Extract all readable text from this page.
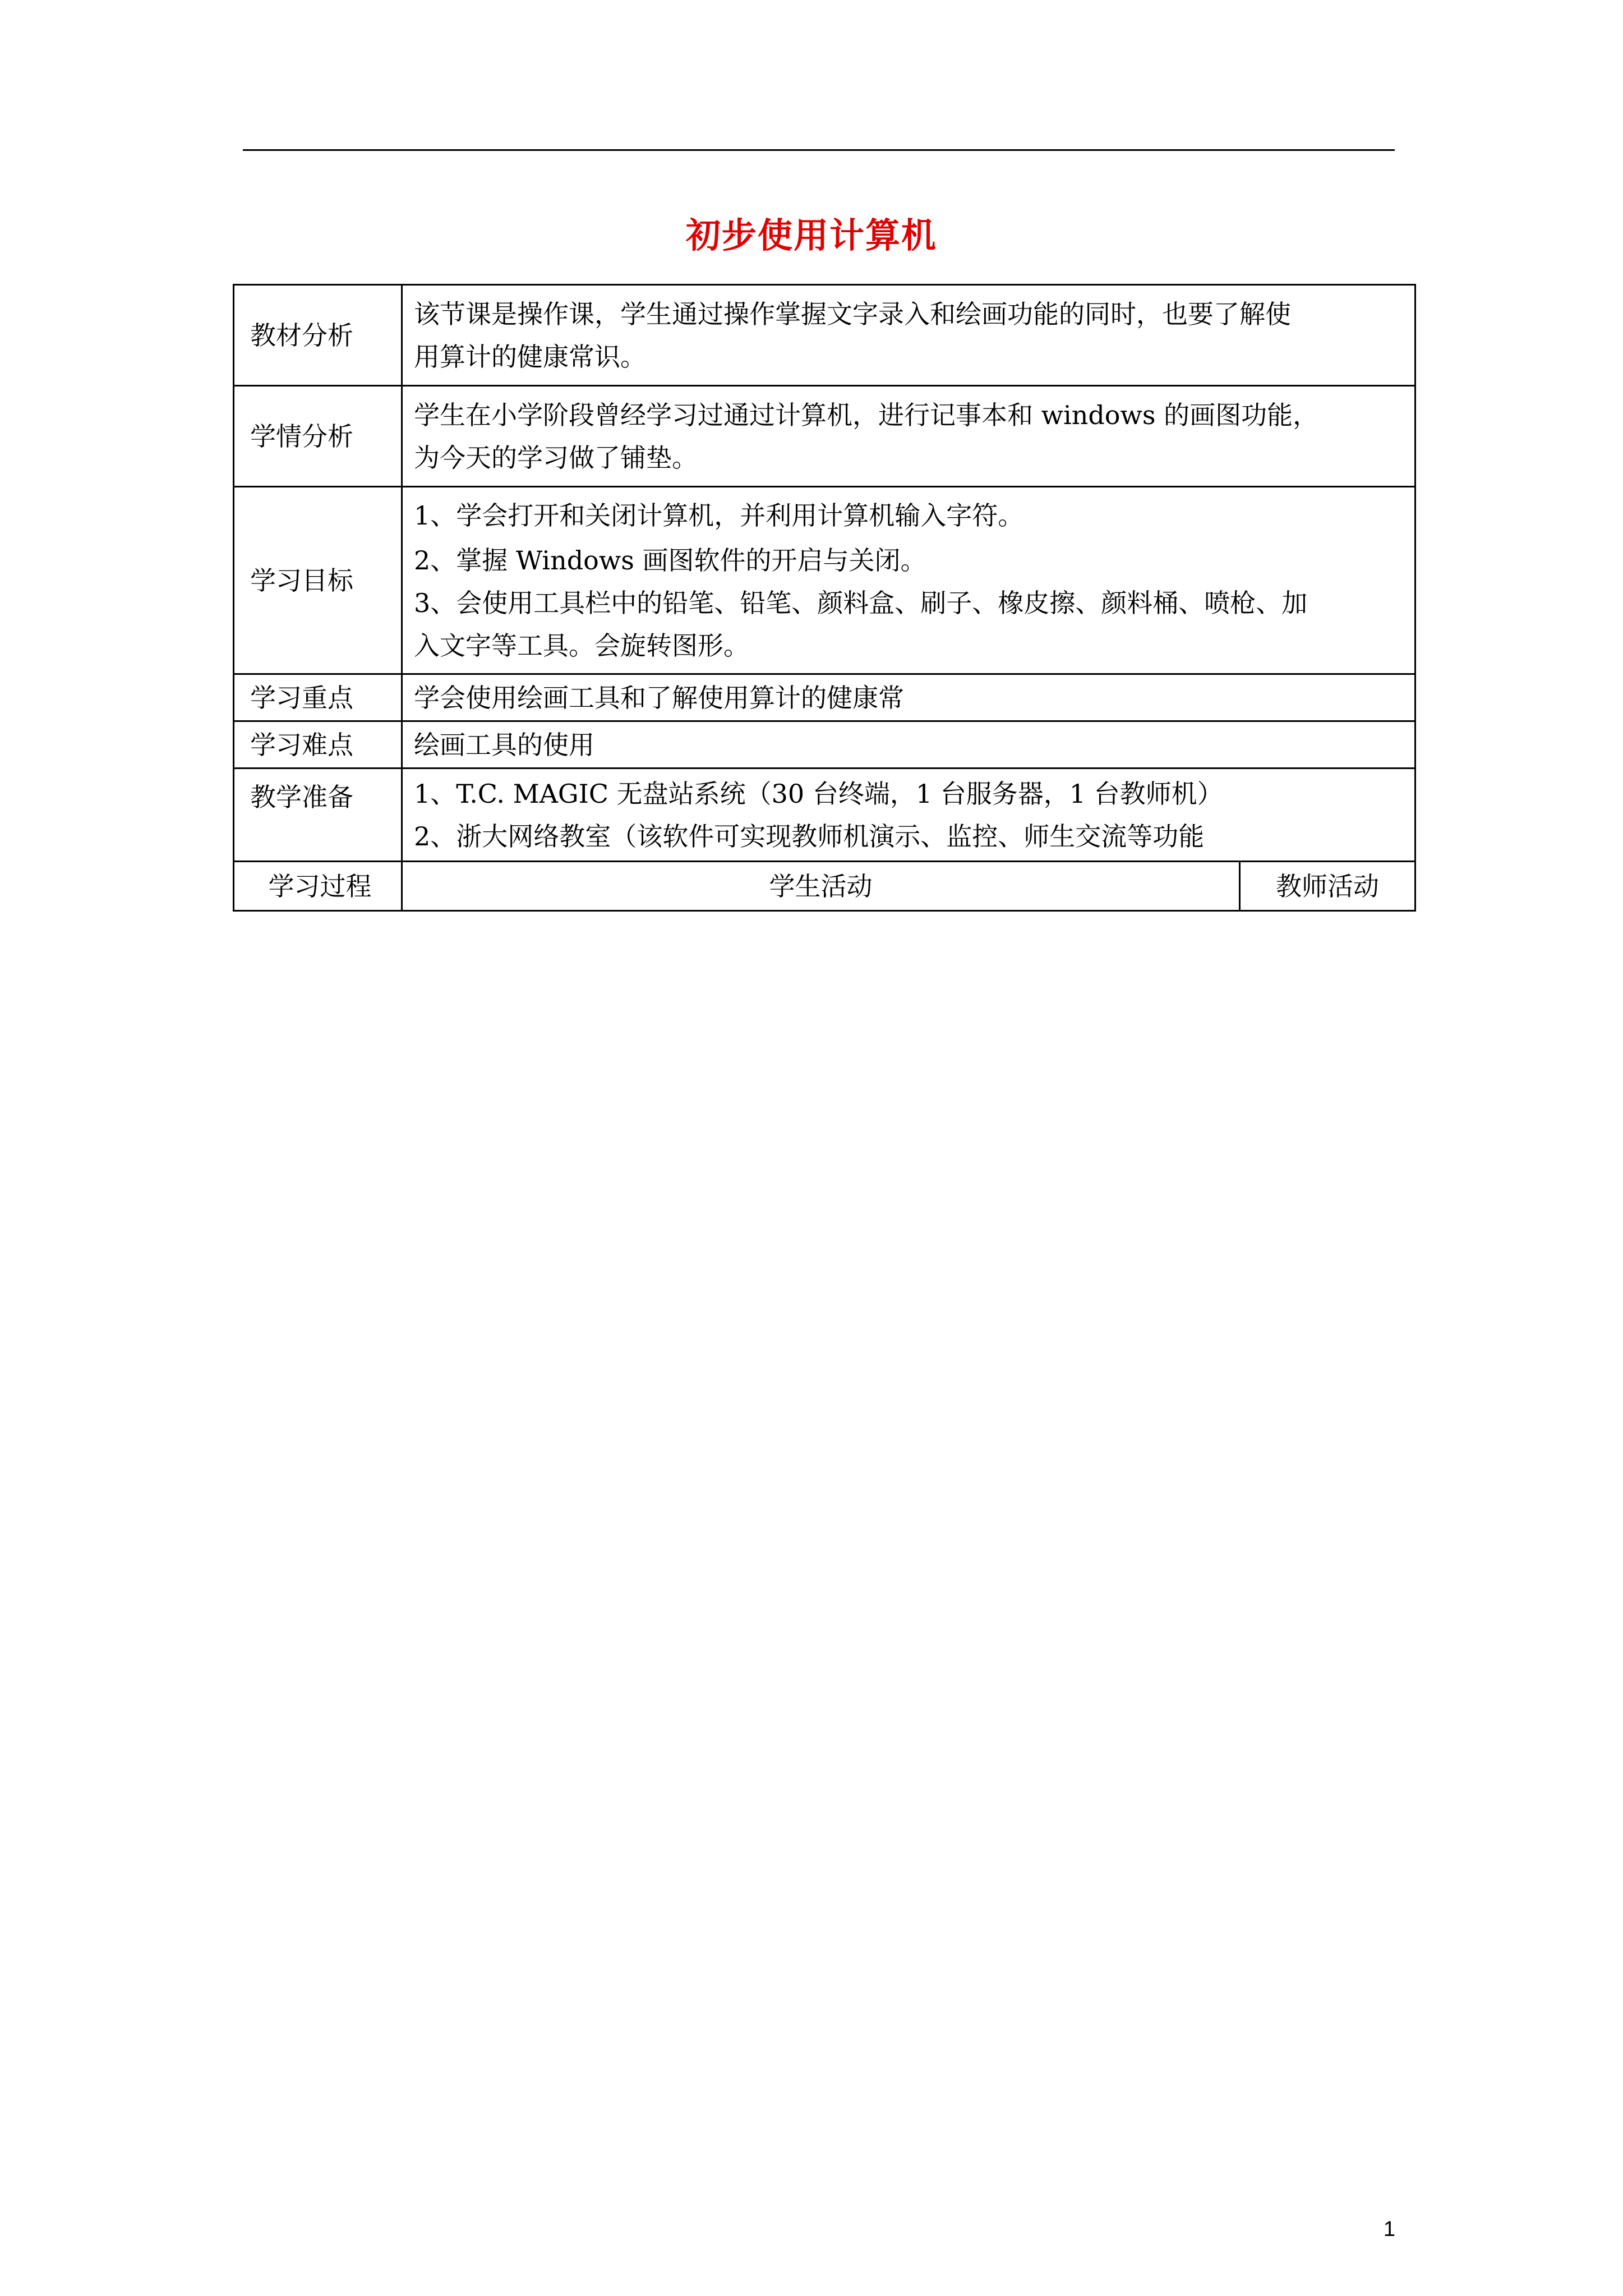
初步使用计算机
教材分析	该节课是操作课，学生通过操作掌握文字录入和绘画功能的同时，也要了解使
用算计的健康常识。	

学情分析	学生在小学阶段曾经学习过通过计算机，进行记事本和 windows 的画图功能，
为今天的学习做了铺垫。	

学习目标	1、学会打开和关闭计算机，并利用计算机输入字符。
2、掌握 Windows 画图软件的开启与关闭。
3、会使用工具栏中的铅笔、铅笔、颜料盒、刷子、橡皮擦、颜料桶、喷枪、加
入文字等工具。会旋转图形。	

学习重点	学会使用绘画工具和了解使用算计的健康常	

学习难点	绘画工具的使用	

教学准备	1、T.C. MAGIC 无盘站系统（30 台终端，1 台服务器，1 台教师机）
2、浙大网络教室（该软件可实现教师机演示、监控、师生交流等功能	

学习过程	学生活动	教师活动
1
